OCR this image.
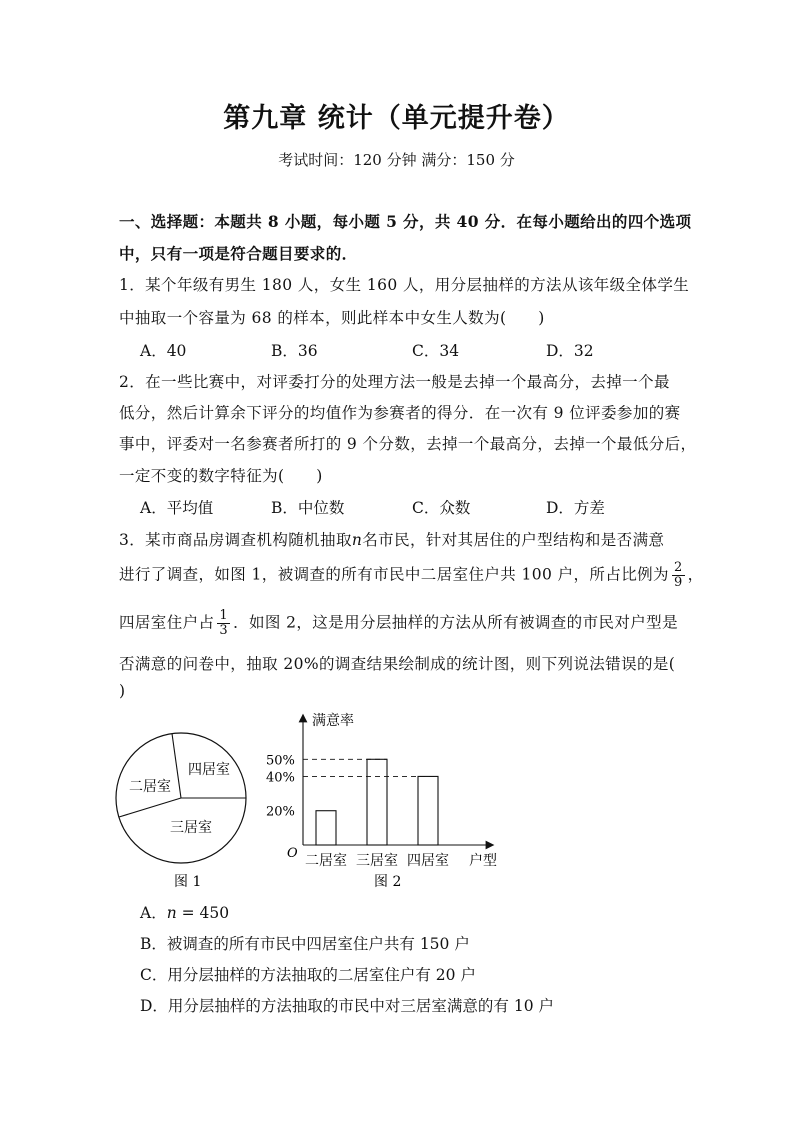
第九章 统计（单元提升卷）
考试时间：120 分钟 满分：150 分
一、选择题：本题共 8 小题，每小题 5 分，共 40 分．在每小题给出的四个选项
中，只有一项是符合题目要求的．
1．某个年级有男生 180 人，女生 160 人，用分层抽样的方法从该年级全体学生
中抽取一个容量为 68 的样本，则此样本中女生人数为(　　)
A．40	B．36	C．34	D．32
2．在一些比赛中，对评委打分的处理方法一般是去掉一个最高分，去掉一个最
低分，然后计算余下评分的均值作为参赛者的得分．在一次有 9 位评委参加的赛
事中，评委对一名参赛者所打的 9 个分数，去掉一个最高分，去掉一个最低分后，
一定不变的数字特征为(　　)
A．平均值	B．中位数	C．众数	D．方差
3．某市商品房调查机构随机抽取n名市民，针对其居住的户型结构和是否满意
进行了调查，如图 1，被调查的所有市民中二居室住户共 100 户，所占比例为 $\frac{2}{9}$ ，
四居室住户占 $\frac{1}{3}$ ．如图 2，这是用分层抽样的方法从所有被调查的市民对户型是
否满意的问卷中，抽取 20%的调查结果绘制成的统计图，则下列说法错误的是(
)
四居室
二居室
三居室
图 1
满意率
户型
O
图 2
20%
40%
50%
二居室 三居室 四居室
A．n = 450
B．被调查的所有市民中四居室住户共有 150 户
C．用分层抽样的方法抽取的二居室住户有 20 户
D．用分层抽样的方法抽取的市民中对三居室满意的有 10 户
